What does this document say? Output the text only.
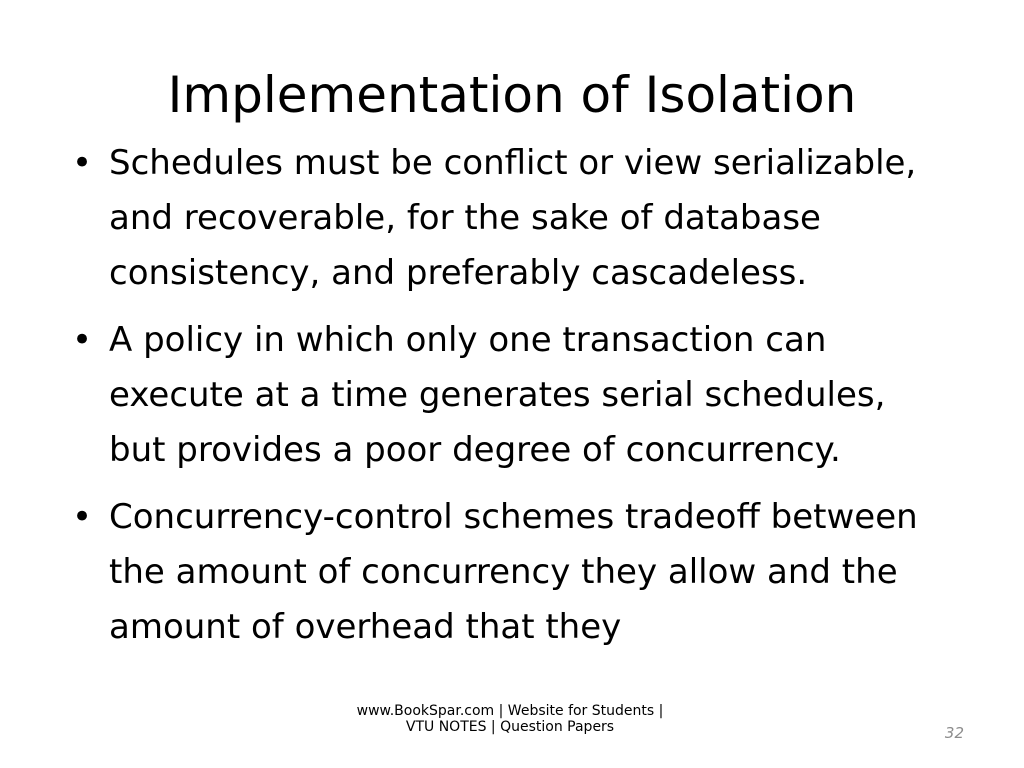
Implementation of Isolation
• Schedules must be conflict or view serializable, and recoverable, for the sake of database consistency, and preferably cascadeless.
• A policy in which only one transaction can execute at a time generates serial schedules, but provides a poor degree of concurrency.
• Concurrency-control schemes tradeoff between the amount of concurrency they allow and the amount of overhead that they
www.BookSpar.com | Website for Students | VTU NOTES | Question Papers	32
